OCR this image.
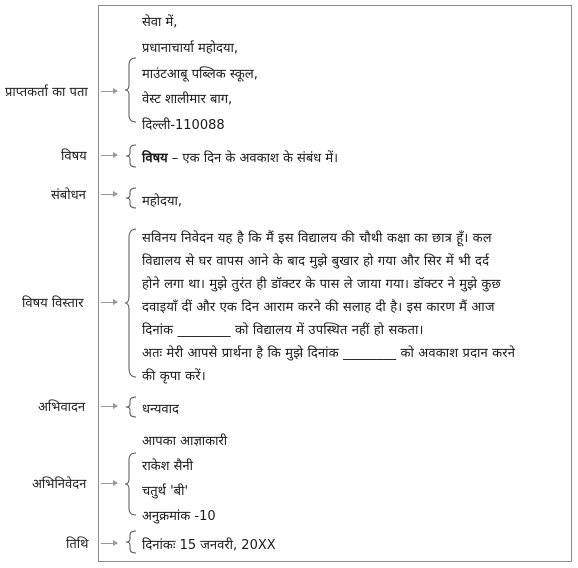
प्राप्तकर्ता का पता
विषय
संबोधन
विषय विस्तार
अभिवादन
अभिनिवेदन
तिथि
सेवा में,
प्रधानाचार्या महोदया,
माउंटआबू पब्लिक स्कूल,
वेस्ट शालीमार बाग,
दिल्ली-110088
विषय – एक दिन के अवकाश के संबंध में।
महोदया,
सविनय निवेदन यह है कि मैं इस विद्यालय की चौथी कक्षा का छात्र हूँ। कल
विद्यालय से घर वापस आने के बाद मुझे बुखार हो गया और सिर में भी दर्द
होने लगा था। मुझे तुरंत ही डॉक्टर के पास ले जाया गया। डॉक्टर ने मुझे कुछ
दवाइयाँ दीं और एक दिन आराम करने की सलाह दी है। इस कारण मैं आज
दिनांक ________ को विद्यालय में उपस्थित नहीं हो सकता।
अतः मेरी आपसे प्रार्थना है कि मुझे दिनांक ________ को अवकाश प्रदान करने
की कृपा करें।
धन्यवाद
आपका आज्ञाकारी
राकेश सैनी
चतुर्थ 'बी'
अनुक्रमांक -10
दिनांकः 15 जनवरी, 20XX
